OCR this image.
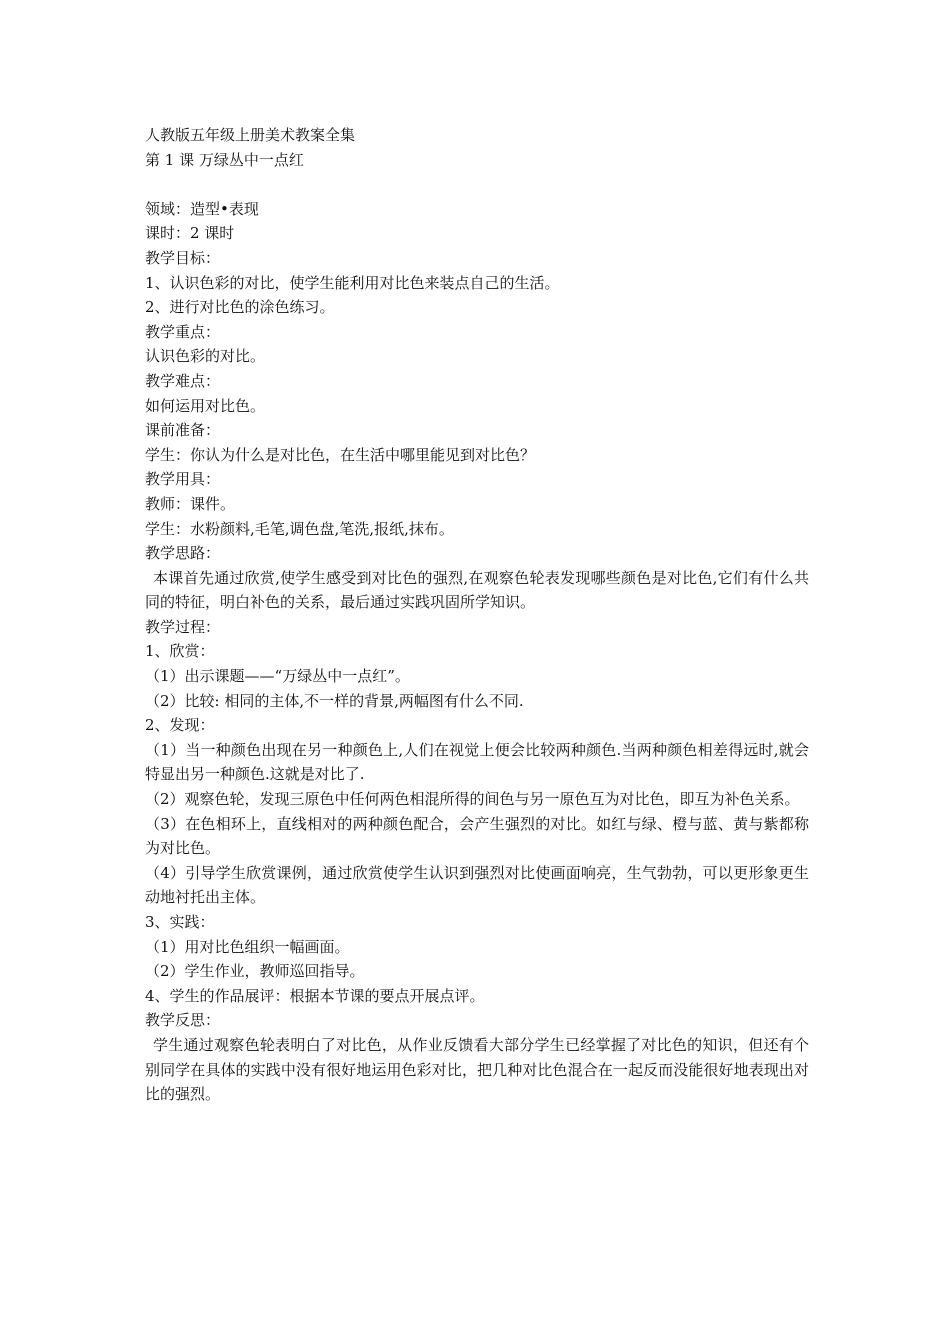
人教版五年级上册美术教案全集

第 1 课 万绿丛中一点红

领域：造型•表现

课时：2 课时

教学目标：

1、认识色彩的对比，使学生能利用对比色来装点自己的生活。

2、进行对比色的涂色练习。

教学重点：

认识色彩的对比。

教学难点：

如何运用对比色。

课前准备：

学生：你认为什么是对比色，在生活中哪里能见到对比色？

教学用具：

教师：课件。

学生：水粉颜料,毛笔,调色盘,笔洗,报纸,抹布。

教学思路：

本课首先通过欣赏,使学生感受到对比色的强烈,在观察色轮表发现哪些颜色是对比色,它们有什么共同的特征，明白补色的关系，最后通过实践巩固所学知识。

教学过程：

1、欣赏：

（1）出示课题——“万绿丛中一点红”。

（2）比较: 相同的主体,不一样的背景,两幅图有什么不同.

2、发现：

（1）当一种颜色出现在另一种颜色上,人们在视觉上便会比较两种颜色.当两种颜色相差得远时,就会特显出另一种颜色.这就是对比了.

（2）观察色轮，发现三原色中任何两色相混所得的间色与另一原色互为对比色，即互为补色关系。

（3）在色相环上，直线相对的两种颜色配合，会产生强烈的对比。如红与绿、橙与蓝、黄与紫都称为对比色。

（4）引导学生欣赏课例，通过欣赏使学生认识到强烈对比使画面响亮，生气勃勃，可以更形象更生动地衬托出主体。

3、实践：

（1）用对比色组织一幅画面。

（2）学生作业，教师巡回指导。

4、学生的作品展评：根据本节课的要点开展点评。

教学反思：

学生通过观察色轮表明白了对比色，从作业反馈看大部分学生已经掌握了对比色的知识，但还有个别同学在具体的实践中没有很好地运用色彩对比，把几种对比色混合在一起反而没能很好地表现出对比的强烈。
